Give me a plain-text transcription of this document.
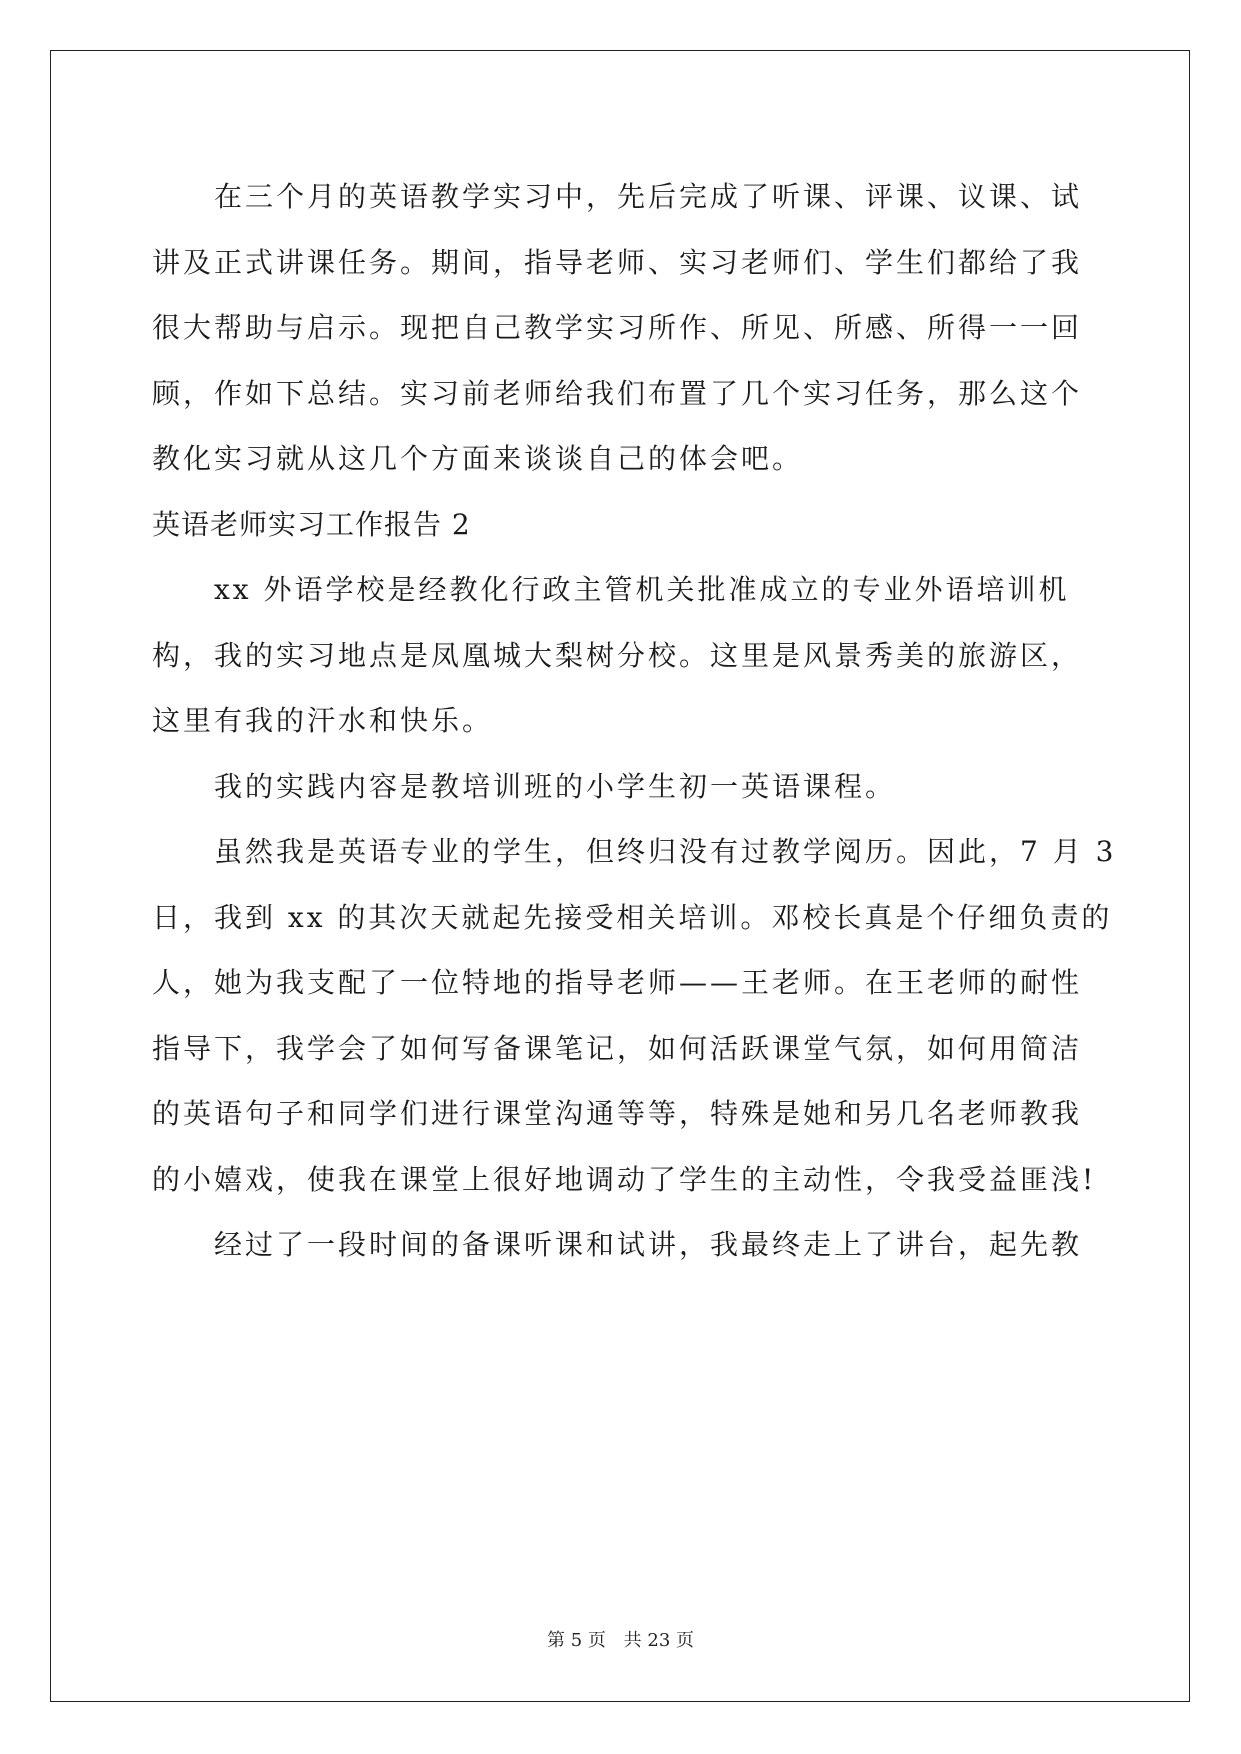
在三个月的英语教学实习中，先后完成了听课、评课、议课、试
讲及正式讲课任务。期间，指导老师、实习老师们、学生们都给了我
很大帮助与启示。现把自己教学实习所作、所见、所感、所得一一回
顾，作如下总结。实习前老师给我们布置了几个实习任务，那么这个
教化实习就从这几个方面来谈谈自己的体会吧。
英语老师实习工作报告 2
xx 外语学校是经教化行政主管机关批准成立的专业外语培训机
构，我的实习地点是凤凰城大梨树分校。这里是风景秀美的旅游区，
这里有我的汗水和快乐。
我的实践内容是教培训班的小学生初一英语课程。
虽然我是英语专业的学生，但终归没有过教学阅历。因此，7 月 3
日，我到 xx 的其次天就起先接受相关培训。邓校长真是个仔细负责的
人，她为我支配了一位特地的指导老师——王老师。在王老师的耐性
指导下，我学会了如何写备课笔记，如何活跃课堂气氛，如何用简洁
的英语句子和同学们进行课堂沟通等等，特殊是她和另几名老师教我
的小嬉戏，使我在课堂上很好地调动了学生的主动性，令我受益匪浅!
经过了一段时间的备课听课和试讲，我最终走上了讲台，起先教
第 5 页 共 23 页
